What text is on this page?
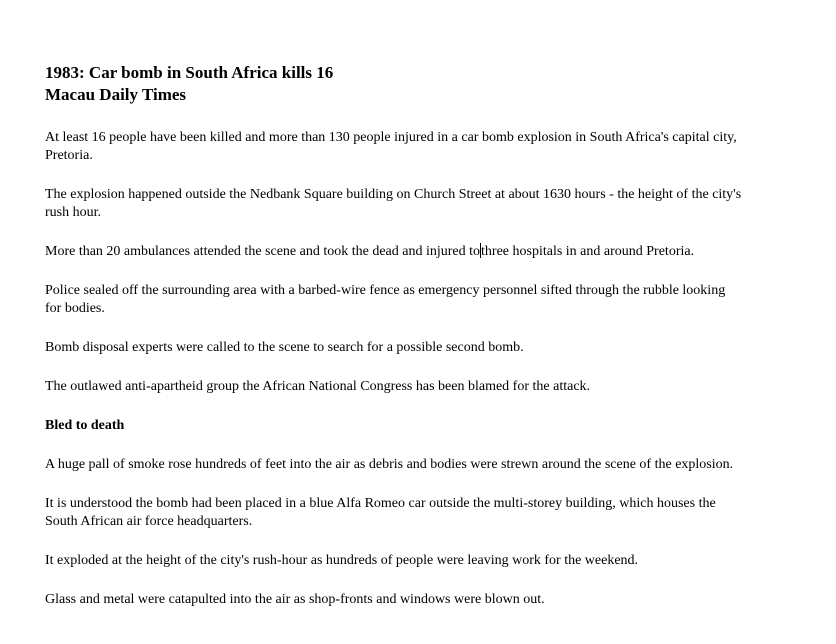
1983: Car bomb in South Africa kills 16
Macau Daily Times

At least 16 people have been killed and more than 130 people injured in a car bomb explosion in South Africa's capital city, Pretoria.

The explosion happened outside the Nedbank Square building on Church Street at about 1630 hours - the height of the city's rush hour.

More than 20 ambulances attended the scene and took the dead and injured tothree hospitals in and around Pretoria.

Police sealed off the surrounding area with a barbed-wire fence as emergency personnel sifted through the rubble looking for bodies.

Bomb disposal experts were called to the scene to search for a possible second bomb.

The outlawed anti-apartheid group the African National Congress has been blamed for the attack.

Bled to death

A huge pall of smoke rose hundreds of feet into the air as debris and bodies were strewn around the scene of the explosion.

It is understood the bomb had been placed in a blue Alfa Romeo car outside the multi-storey building, which houses the South African air force headquarters.

It exploded at the height of the city's rush-hour as hundreds of people were leaving work for the weekend.

Glass and metal were catapulted into the air as shop-fronts and windows were blown out.
